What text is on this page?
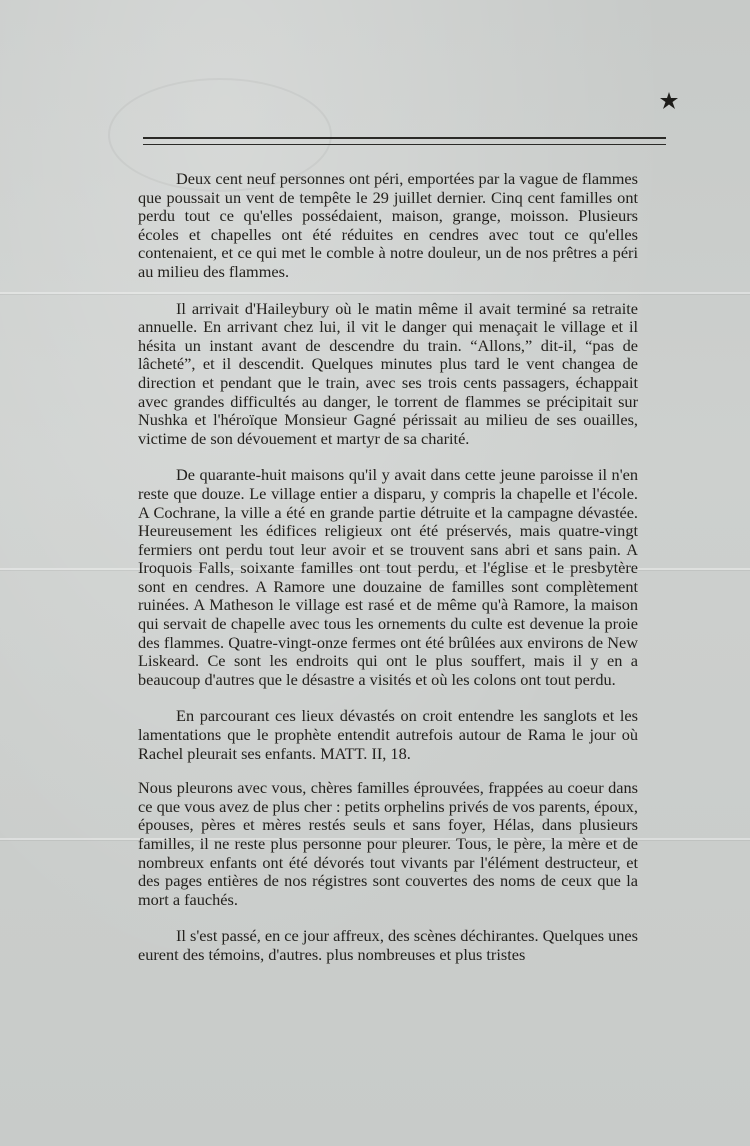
Deux cent neuf personnes ont péri, emportées par la vague de flammes que poussait un vent de tempête le 29 juillet dernier. Cinq cent familles ont perdu tout ce qu'elles possédaient, maison, grange, moisson. Plusieurs écoles et chapelles ont été réduites en cendres avec tout ce qu'elles contenaient, et ce qui met le comble à notre douleur, un de nos prêtres a péri au milieu des flammes.

Il arrivait d'Haileybury où le matin même il avait terminé sa retraite annuelle. En arrivant chez lui, il vit le danger qui menaçait le village et il hésita un instant avant de descendre du train. “Allons,” dit-il, “pas de lâcheté”, et il descendit. Quelques minutes plus tard le vent changea de direction et pendant que le train, avec ses trois cents passagers, échappait avec grandes difficultés au danger, le torrent de flammes se précipitait sur Nushka et l'héroïque Monsieur Gagné périssait au milieu de ses ouailles, victime de son dévouement et martyr de sa charité.

De quarante-huit maisons qu'il y avait dans cette jeune paroisse il n'en reste que douze. Le village entier a disparu, y compris la chapelle et l'école. A Cochrane, la ville a été en grande partie détruite et la campagne dévastée. Heureusement les édifices religieux ont été préservés, mais quatre-vingt fermiers ont perdu tout leur avoir et se trouvent sans abri et sans pain. A Iroquois Falls, soixante familles ont tout perdu, et l'église et le presbytère sont en cendres. A Ramore une douzaine de familles sont complètement ruinées. A Matheson le village est rasé et de même qu'à Ramore, la maison qui servait de chapelle avec tous les ornements du culte est devenue la proie des flammes. Quatre-vingt-onze fermes ont été brûlées aux environs de New Liskeard. Ce sont les endroits qui ont le plus souffert, mais il y en a beaucoup d'autres que le désastre a visités et où les colons ont tout perdu.

En parcourant ces lieux dévastés on croit entendre les sanglots et les lamentations que le prophète entendit autrefois autour de Rama le jour où Rachel pleurait ses enfants. MATT. II, 18.

Nous pleurons avec vous, chères familles éprouvées, frappées au coeur dans ce que vous avez de plus cher : petits orphelins privés de vos parents, époux, épouses, pères et mères restés seuls et sans foyer, Hélas, dans plusieurs familles, il ne reste plus personne pour pleurer. Tous, le père, la mère et de nombreux enfants ont été dévorés tout vivants par l'élément destructeur, et des pages entières de nos régistres sont couvertes des noms de ceux que la mort a fauchés.

Il s'est passé, en ce jour affreux, des scènes déchirantes. Quelques unes eurent des témoins, d'autres. plus nombreuses et plus tristes
